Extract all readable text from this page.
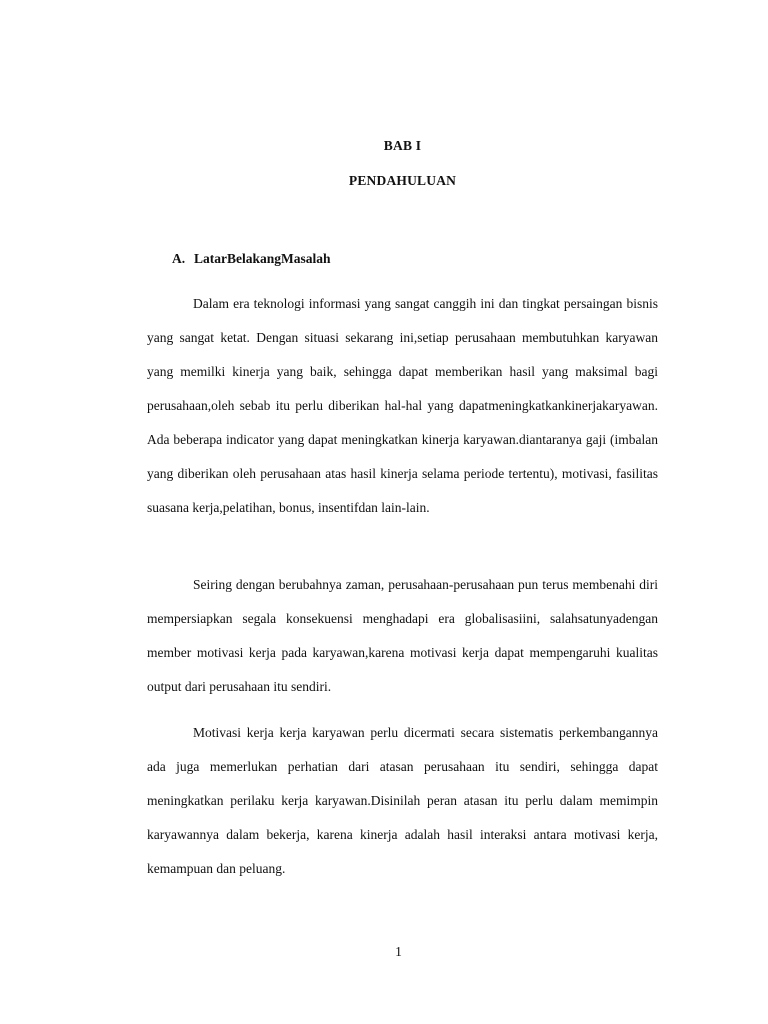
BAB I
PENDAHULUAN
A. LatarBelakangMasalah

Dalam era teknologi informasi yang sangat canggih ini dan tingkat persaingan bisnis yang sangat ketat. Dengan situasi sekarang ini,setiap perusahaan membutuhkan karyawan yang memilki kinerja yang baik, sehingga dapat memberikan hasil yang maksimal bagi perusahaan,oleh sebab itu perlu diberikan hal-hal yang dapatmeningkatkankinerjakaryawan. Ada beberapa indicator yang dapat meningkatkan kinerja karyawan.diantaranya gaji (imbalan yang diberikan oleh perusahaan atas hasil kinerja selama periode tertentu), motivasi, fasilitas suasana kerja,pelatihan, bonus, insentifdan lain-lain.

Seiring dengan berubahnya zaman, perusahaan-perusahaan pun terus membenahi diri mempersiapkan segala konsekuensi menghadapi era globalisasiini, salahsatunyadengan member motivasi kerja pada karyawan,karena motivasi kerja dapat mempengaruhi kualitas output dari perusahaan itu sendiri.

Motivasi kerja kerja karyawan perlu dicermati secara sistematis perkembangannya ada juga memerlukan perhatian dari atasan perusahaan itu sendiri, sehingga dapat meningkatkan perilaku kerja karyawan.Disinilah peran atasan itu perlu dalam memimpin karyawannya dalam bekerja, karena kinerja adalah hasil interaksi antara motivasi kerja, kemampuan dan peluang.

1
